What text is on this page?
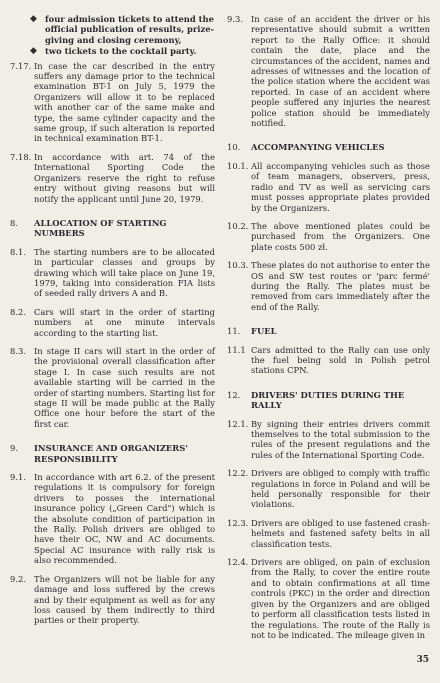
◆ four admission tickets to attend the official publication of results, prize-giving and closing ceremony,
◆ two tickets to the cocktail party.
7.17. In case the car described in the entry suffers any damage prior to the technical examination BT-1 on July 5, 1979 the Organizers will allow it to be replaced with another car of the same make and type, the same cylinder capacity and the same group, if such alteration is reported in technical examination BT-1.
7.18. In accordance with art. 74 of the International Sporting Code the Organizers reserve the right to refuse entry without giving reasons but will notify the applicant until June 20, 1979.
8.	ALLOCATION OF STARTING NUMBERS
8.1. The starting numbers are to be allocated in particular classes and groups by drawing which will take place on June 19, 1979, taking into consideration FIA lists of seeded rally drivers A and B.
8.2. Cars will start in the order of starting numbers at one minute intervals according to the starting list.
8.3. In stage II cars will start in the order of the provisional overall classification after stage I. In case such results are not available starting will be carried in the order of starting numbers. Starting list for stage II will be made public at the Rally Office one hour before the start of the first car.
9.	INSURANCE AND ORGANIZERS' RESPONSIBILITY
9.1. In accordance with art 6.2. of the present regulations it is compulsory for foreign drivers to posses the international insurance policy („Green Card") which is the absolute condition of participation in the Rally. Polish drivers are obliged to have their OC, NW and AC documents. Special AC insurance with rally risk is also recommended.
9.2. The Organizers will not be liable for any damage and loss suffered by the crews and by their equipment as well as for any loss caused by them indirectly to third parties or their property.
9.3. In case of an accident the driver or his representative should submit a written report to the Rally Office: it should contain the date, place and the circumstances of the accident, names and adresses of witnesses and the location of the police station where the accident was reported. In case of an accident where people suffered any injuries the nearest police station should be immediately notified.
10.	ACCOMPANYING VEHICLES
10.1. All accompanying vehicles such as those of team managers, observers, press, radio and TV as well as servicing cars must posses appropriate plates provided by the Organizers.
10.2. The above mentioned plates could be purchased from the Organizers. One plate costs 500 zł.
10.3. These plates do not authorise to enter the OS and SW test routes or 'parc fermé' during the Rally. The plates must be removed from cars immediately after the end of the Rally.
11.	FUEL
11.1 Cars admitted to the Rally can use only the fuel being sold in Polish petrol stations CPN.
12.	DRIVERS' DUTIES DURING THE RALLY
12.1. By signing their entries drivers commit themselves to the total submission to the rules of the present regulations and the rules of the International Sporting Code.
12.2. Drivers are obliged to comply with traffic regulations in force in Poland and will be held personally responsible for their violations.
12.3. Drivers are obliged to use fastened crash-helmets and fastened safety belts in all classification tests.
12.4. Drivers are obliged, on pain of exclusion from the Rally, to cover the entire route and to obtain confirmations at all time controls (PKC) in the order and direction given by the Organizers and are obliged to perform all classification tests listed in the regulations. The route of the Rally is not to be indicated. The mileage given in
35
